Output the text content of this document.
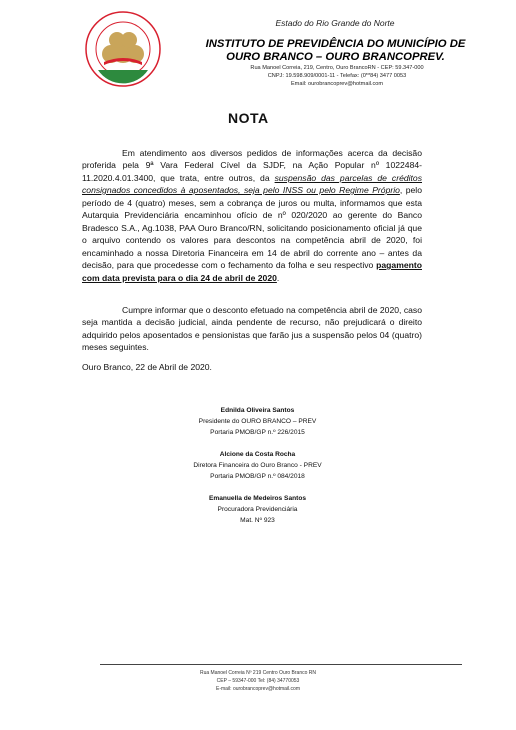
Estado do Rio Grande do Norte
INSTITUTO DE PREVIDÊNCIA DO MUNICÍPIO DE
OURO BRANCO – OURO BRANCOPREV.
Rua Manoel Correia, 219, Centro, Ouro BrancoRN - CEP: 59.347-000
CNPJ: 19.598.909/0001-11 - Telefax: (0**84) 3477 0053
Email: ourobrancoprev@hotmail.com
NOTA

Em atendimento aos diversos pedidos de informações acerca da decisão proferida pela 9ª Vara Federal Cível da SJDF, na Ação Popular nº 1022484-11.2020.4.01.3400, que trata, entre outros, da suspensão das parcelas de créditos consignados concedidos à aposentados, seja pelo INSS ou pelo Regime Próprio, pelo período de 4 (quatro) meses, sem a cobrança de juros ou multa, informamos que esta Autarquia Previdenciária encaminhou ofício de nº 020/2020 ao gerente do Banco Bradesco S.A., Ag.1038, PAA Ouro Branco/RN, solicitando posicionamento oficial já que o arquivo contendo os valores para descontos na competência abril de 2020, foi encaminhado a nossa Diretoria Financeira em 14 de abril do corrente ano – antes da decisão, para que procedesse com o fechamento da folha e seu respectivo pagamento com data prevista para o dia 24 de abril de 2020.

Cumpre informar que o desconto efetuado na competência abril de 2020, caso seja mantida a decisão judicial, ainda pendente de recurso, não prejudicará o direito adquirido pelos aposentados e pensionistas que farão jus a suspensão pelos 04 (quatro) meses seguintes.

Ouro Branco, 22 de Abril de 2020.
Ednilda Oliveira Santos
Presidente do OURO BRANCO – PREV
Portaria PMOB/GP n.º 226/2015
Alcione da Costa Rocha
Diretora Financeira do Ouro Branco - PREV
Portaria PMOB/GP n.º 084/2018
Emanuella de Medeiros Santos
Procuradora Previdenciária
Mat. Nº 923
Rua Manoel Correia Nº 219 Centro Ouro Branco RN
CEP – 59347-000 Tel: (84) 34770053
E-mail: ourobrancoprev@hotmail.com
